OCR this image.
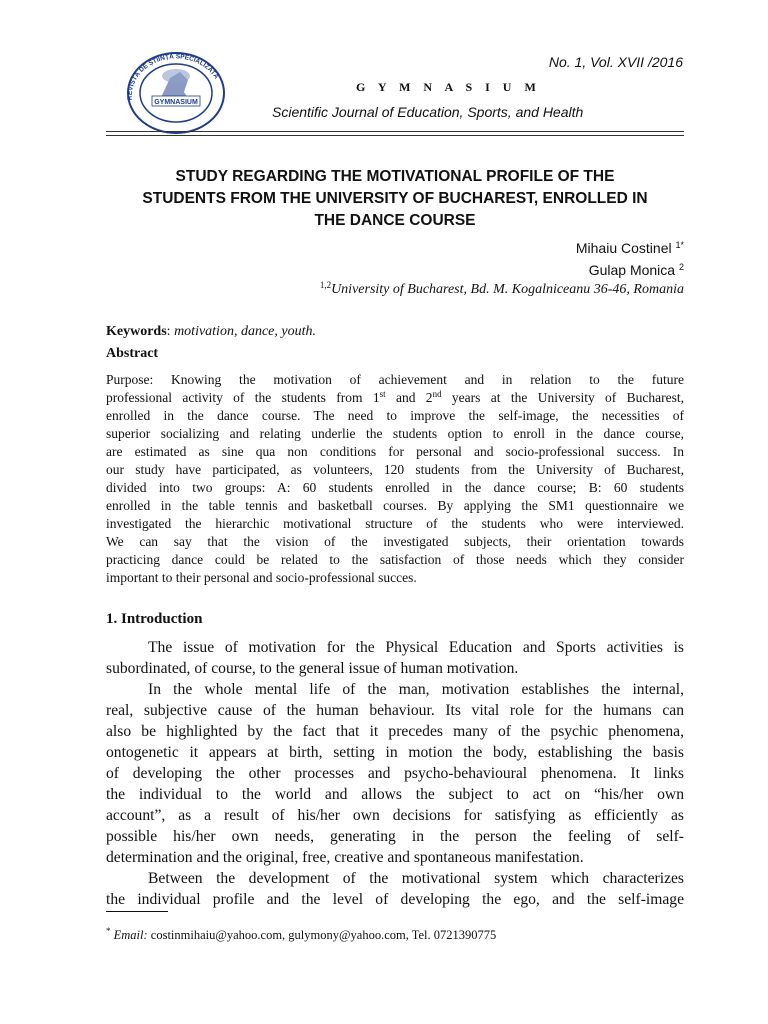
REVISTĂ DE ȘTIINȚĂ SPECIALIZATĂ
GYMNASIUM
No. 1, Vol. XVII /2016
G Y M N A S I U M
Scientific Journal of Education, Sports, and Health
STUDY REGARDING THE MOTIVATIONAL PROFILE OF THE
STUDENTS FROM THE UNIVERSITY OF BUCHAREST, ENROLLED IN
THE DANCE COURSE
Mihaiu Costinel $^{1*}$
Gulap Monica $^2$
$^{1,2}$University of Bucharest, Bd. M. Kogalniceanu 36-46, Romania
Keywords: motivation, dance, youth.
Abstract
Purpose: Knowing the motivation of achievement and in relation to the future
professional activity of the students from 1st and 2nd years at the University of Bucharest,
enrolled in the dance course. The need to improve the self-image, the necessities of
superior socializing and relating underlie the students option to enroll in the dance course,
are estimated as sine qua non conditions for personal and socio-professional success. In
our study have participated, as volunteers, 120 students from the University of Bucharest,
divided into two groups: A: 60 students enrolled in the dance course; B: 60 students
enrolled in the table tennis and basketball courses. By applying the SM1 questionnaire we
investigated the hierarchic motivational structure of the students who were interviewed.
We can say that the vision of the investigated subjects, their orientation towards
practicing dance could be related to the satisfaction of those needs which they consider
important to their personal and socio-professional succes.
1. Introduction
The issue of motivation for the Physical Education and Sports activities is
subordinated, of course, to the general issue of human motivation.
In the whole mental life of the man, motivation establishes the internal,
real, subjective cause of the human behaviour. Its vital role for the humans can
also be highlighted by the fact that it precedes many of the psychic phenomena,
ontogenetic it appears at birth, setting in motion the body, establishing the basis
of developing the other processes and psycho-behavioural phenomena. It links
the individual to the world and allows the subject to act on “his/her own
account”, as a result of his/her own decisions for satisfying as efficiently as
possible his/her own needs, generating in the person the feeling of self-
determination and the original, free, creative and spontaneous manifestation.
Between the development of the motivational system which characterizes
the individual profile and the level of developing the ego, and the self-image
* Email: costinmihaiu@yahoo.com, gulymony@yahoo.com, Tel. 0721390775
